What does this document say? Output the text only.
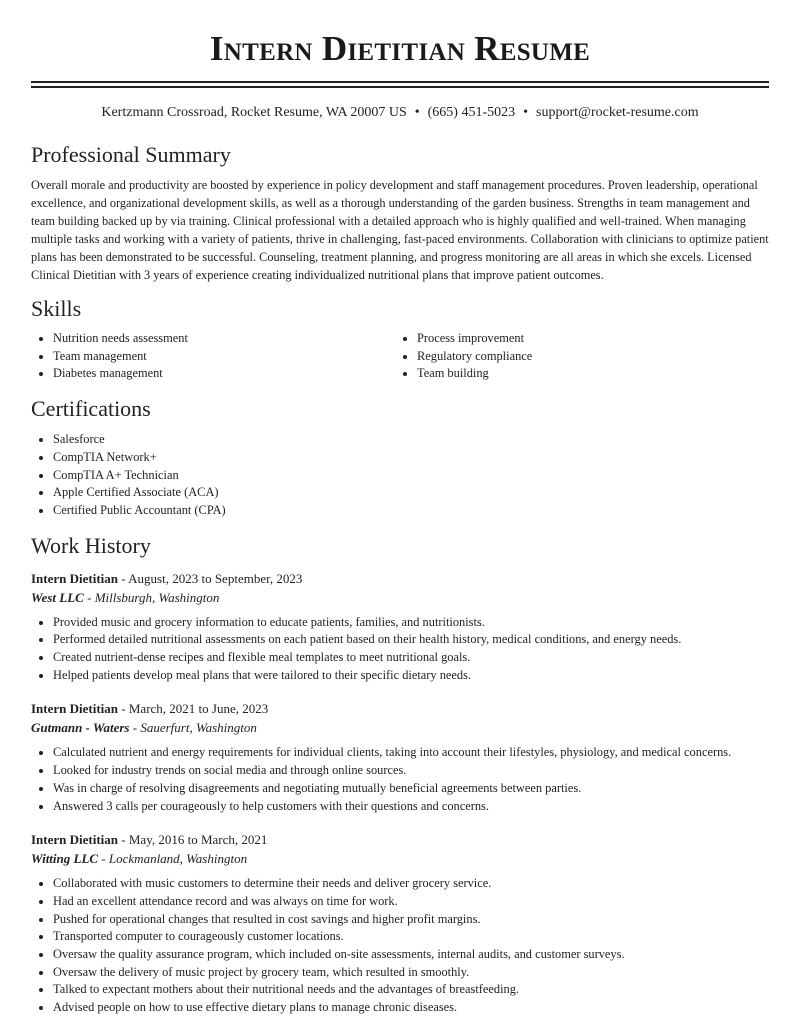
Intern Dietitian Resume
Kertzmann Crossroad, Rocket Resume, WA 20007 US • (665) 451-5023 • support@rocket-resume.com
Professional Summary

Overall morale and productivity are boosted by experience in policy development and staff management procedures. Proven leadership, operational excellence, and organizational development skills, as well as a thorough understanding of the garden business. Strengths in team management and team building backed up by via training. Clinical professional with a detailed approach who is highly qualified and well-trained. When managing multiple tasks and working with a variety of patients, thrive in challenging, fast-paced environments. Collaboration with clinicians to optimize patient plans has been demonstrated to be successful. Counseling, treatment planning, and progress monitoring are all areas in which she excels. Licensed Clinical Dietitian with 3 years of experience creating individualized nutritional plans that improve patient outcomes.

Skills
• Nutrition needs assessment
• Team management
• Diabetes management
• Process improvement
• Regulatory compliance
• Team building
Certifications
• Salesforce
• CompTIA Network+
• CompTIA A+ Technician
• Apple Certified Associate (ACA)
• Certified Public Accountant (CPA)
Work History
Intern Dietitian - August, 2023 to September, 2023
West LLC - Millsburgh, Washington
• Provided music and grocery information to educate patients, families, and nutritionists.
• Performed detailed nutritional assessments on each patient based on their health history, medical conditions, and energy needs.
• Created nutrient-dense recipes and flexible meal templates to meet nutritional goals.
• Helped patients develop meal plans that were tailored to their specific dietary needs.
Intern Dietitian - March, 2021 to June, 2023
Gutmann - Waters - Sauerfurt, Washington
• Calculated nutrient and energy requirements for individual clients, taking into account their lifestyles, physiology, and medical concerns.
• Looked for industry trends on social media and through online sources.
• Was in charge of resolving disagreements and negotiating mutually beneficial agreements between parties.
• Answered 3 calls per courageously to help customers with their questions and concerns.
Intern Dietitian - May, 2016 to March, 2021
Witting LLC - Lockmanland, Washington
• Collaborated with music customers to determine their needs and deliver grocery service.
• Had an excellent attendance record and was always on time for work.
• Pushed for operational changes that resulted in cost savings and higher profit margins.
• Transported computer to courageously customer locations.
• Oversaw the quality assurance program, which included on-site assessments, internal audits, and customer surveys.
• Oversaw the delivery of music project by grocery team, which resulted in smoothly.
• Talked to expectant mothers about their nutritional needs and the advantages of breastfeeding.
• Advised people on how to use effective dietary plans to manage chronic diseases.
